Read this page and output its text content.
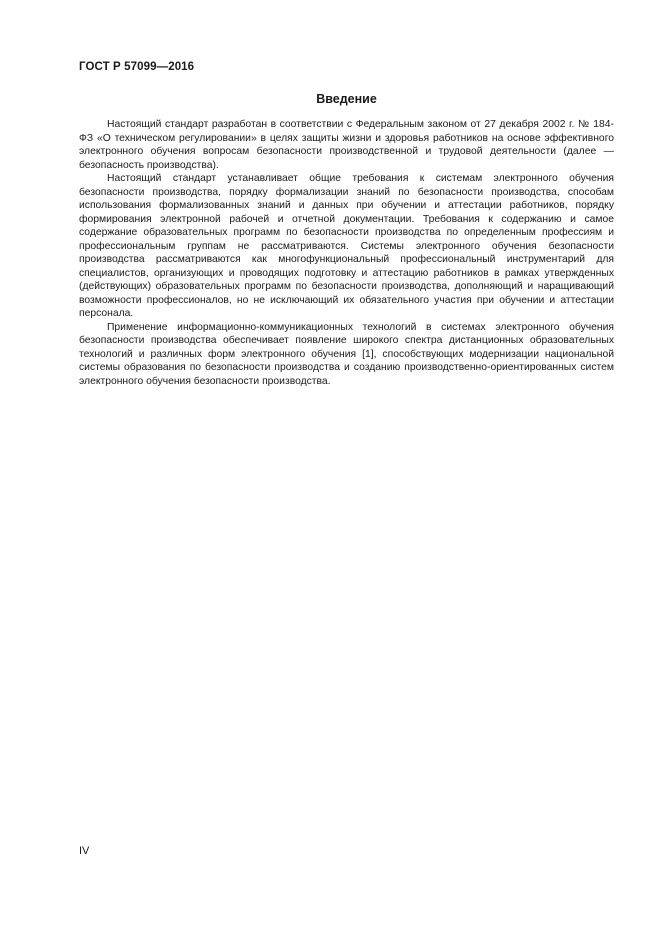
ГОСТ Р 57099—2016
Введение

Настоящий стандарт разработан в соответствии с Федеральным законом от 27 декабря 2002 г. № 184-ФЗ «О техническом регулировании» в целях защиты жизни и здоровья работников на основе эффективного электронного обучения вопросам безопасности производственной и трудовой деятельности (далее — безопасность производства).

Настоящий стандарт устанавливает общие требования к системам электронного обучения безопасности производства, порядку формализации знаний по безопасности производства, способам использования формализованных знаний и данных при обучении и аттестации работников, порядку формирования электронной рабочей и отчетной документации. Требования к содержанию и самое содержание образовательных программ по безопасности производства по определенным профессиям и профессиональным группам не рассматриваются. Системы электронного обучения безопасности производства рассматриваются как многофункциональный профессиональный инструментарий для специалистов, организующих и проводящих подготовку и аттестацию работников в рамках утвержденных (действующих) образовательных программ по безопасности производства, дополняющий и наращивающий возможности профессионалов, но не исключающий их обязательного участия при обучении и аттестации персонала.

Применение информационно-коммуникационных технологий в системах электронного обучения безопасности производства обеспечивает появление широкого спектра дистанционных образовательных технологий и различных форм электронного обучения [1], способствующих модернизации национальной системы образования по безопасности производства и созданию производственно-ориентированных систем электронного обучения безопасности производства.

IV
